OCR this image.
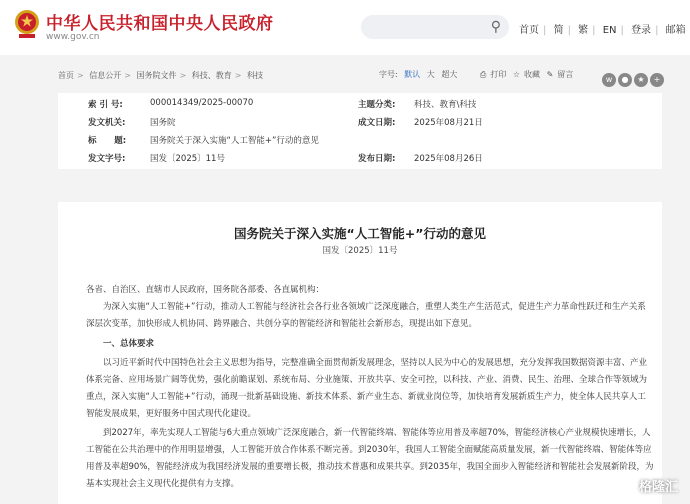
中华人民共和国中央人民政府
www.gov.cn
⚲	首页 | 简 | 繁 | EN | 登录 | 邮箱
首页 > 信息公开 > 国务院文件 > 科技、教育 > 科技	字号: 默认 大 超大	⎙ 打印 ☆ 收藏 ✎ 留言
w ● ★ +
索 引 号:	000014349/2025-00070	主题分类: 科技、教育\科技
发文机关:	国务院	成文日期: 2025年08月21日
标      题:	国务院关于深入实施“人工智能+”行动的意见
发文字号:	国发〔2025〕11号	发布日期: 2025年08月26日
国务院关于深入实施“人工智能+”行动的意见
国发〔2025〕11号
各省、自治区、直辖市人民政府，国务院各部委、各直属机构：
为深入实施“人工智能+”行动，推动人工智能与经济社会各行业各领域广泛深度融合，重塑人类生产生活范式，促进生产力革命性跃迁和生产关系深层次变革，加快形成人机协同、跨界融合、共创分享的智能经济和智能社会新形态，现提出如下意见。
一、总体要求
以习近平新时代中国特色社会主义思想为指导，完整准确全面贯彻新发展理念，坚持以人民为中心的发展思想，充分发挥我国数据资源丰富、产业体系完备、应用场景广阔等优势，强化前瞻谋划、系统布局、分业施策、开放共享、安全可控，以科技、产业、消费、民生、治理、全球合作等领域为重点，深入实施“人工智能+”行动，涌现一批新基础设施、新技术体系、新产业生态、新就业岗位等，加快培育发展新质生产力，使全体人民共享人工智能发展成果，更好服务中国式现代化建设。
到2027年，率先实现人工智能与6大重点领域广泛深度融合，新一代智能终端、智能体等应用普及率超70%，智能经济核心产业规模快速增长，人工智能在公共治理中的作用明显增强，人工智能开放合作体系不断完善。到2030年，我国人工智能全面赋能高质量发展，新一代智能终端、智能体等应用普及率超90%，智能经济成为我国经济发展的重要增长极，推动技术普惠和成果共享。到2035年，我国全面步入智能经济和智能社会发展新阶段，为基本实现社会主义现代化提供有力支撑。	格隆汇
